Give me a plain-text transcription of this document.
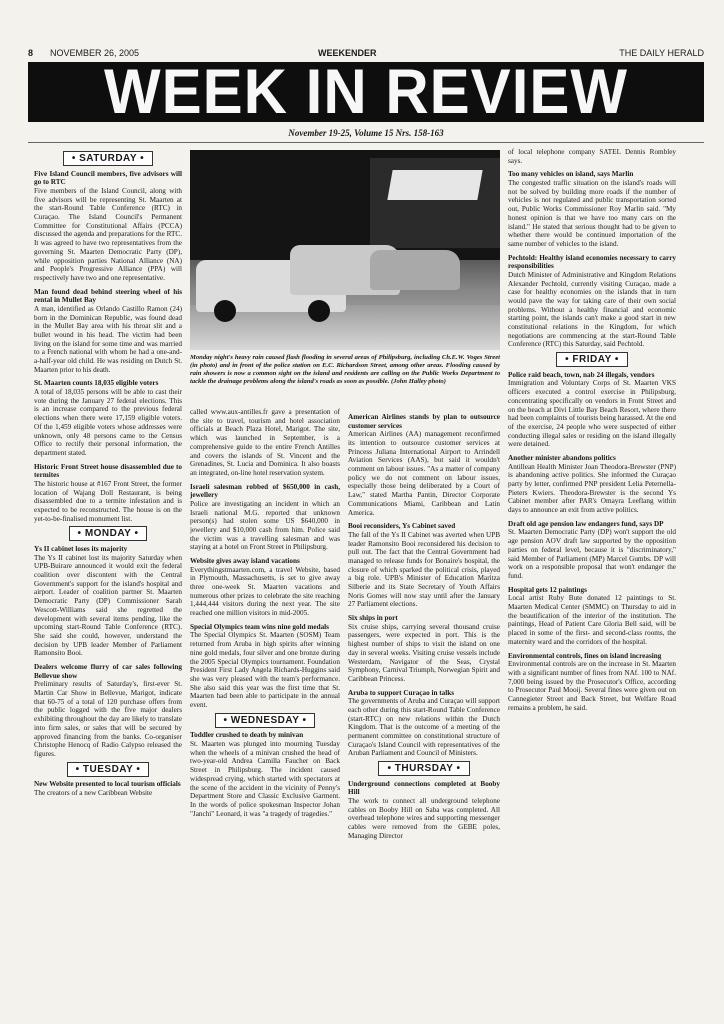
8 NOVEMBER 26, 2005	WEEKENDER	THE DAILY HERALD
WEEK IN REVIEW
November 19-25, Volume 15 Nrs. 158-163
• SATURDAY •
Five Island Council members, five advisors will go to RTC

Five members of the Island Council, along with five advisors will be representing St. Maarten at the start-Round Table Conference (RTC) in Curaçao. The Island Council's Permanent Committee for Constitutional Affairs (PCCA) discussed the agenda and preparations for the RTC. It was agreed to have two representatives from the governing St. Maarten Democratic Party (DP), while opposition parties National Alliance (NA) and People's Progressive Alliance (PPA) will respectively have two and one representative.

Man found dead behind steering wheel of his rental in Mullet Bay

A man, identified as Orlando Castillo Ramon (24) born in the Dominican Republic, was found dead in the Mullet Bay area with his throat slit and a bullet wound in his head. The victim had been living on the island for some time and was married to a French national with whom he had a one-and-a-half-year old child. He was residing on Dutch St. Maarten prior to his death.

St. Maarten counts 18,035 eligible voters

A total of 18,035 persons will be able to cast their vote during the January 27 federal elections. This is an increase compared to the previous federal elections when there were 17,159 eligible voters. Of the 1,459 eligible voters whose addresses were unknown, only 48 persons came to the Census Office to rectify their personal information, the department stated.

Historic Front Street house disassembled due to termites

The historic house at #167 Front Street, the former location of Wajang Doll Restaurant, is being disassembled due to a termite infestation and is expected to be reconstructed. The house is on the yet-to-be-finalised monument list.

• MONDAY •
Ys II cabinet loses its majority

The Ys II cabinet lost its majority Saturday when UPB-Buirare announced it would exit the federal coalition over discontent with the Central Government's support for the island's hospital and airport. Leader of coalition partner St. Maarten Democratic Party (DP) Commissioner Sarah Wescott-Williams said she regretted the development with several items pending, like the upcoming start-Round Table Conference (RTC). She said she could, however, understand the decision by UPB leader Member of Parliament Ramonsito Booi.

Dealers welcome flurry of car sales following Bellevue show

Preliminary results of Saturday's, first-ever St. Martin Car Show in Bellevue, Marigot, indicate that 60-75 of a total of 120 purchase offers from the public logged with the five major dealers exhibiting throughout the day are likely to translate into firm sales, or sales that will be secured by approved financing from the banks. Co-organiser Christophe Henocq of Radio Calypso released the figures.

• TUESDAY •
New Website presented to local tourism officials

The creators of a new Caribbean Website

Monday night's heavy rain caused flash flooding in several areas of Philipsburg, including Ch.E.W. Voges Street (in photo) and in front of the police station on E.C. Richardson Street, among other areas. Flooding caused by rain showers is now a common sight on the island and residents are calling on the Public Works Department to tackle the drainage problems along the island's roads as soon as possible. (John Halley photo)

called www.aux-antilles.fr gave a presentation of the site to travel, tourism and hotel association officials at Beach Plaza Hotel, Marigot. The site, which was launched in September, is a comprehensive guide to the entire French Antilles and covers the islands of St. Vincent and the Grenadines, St. Lucia and Dominica. It also boasts an integrated, on-line hotel reservation system.

Israeli salesman robbed of $650,000 in cash, jewellery

Police are investigating an incident in which an Israeli national M.G. reported that unknown person(s) had stolen some US $640,000 in jewellery and $10,000 cash from him. Police said the victim was a travelling salesman and was staying at a hotel on Front Street in Philipsburg.

Website gives away island vacations

Everythingstmaarten.com, a travel Website, based in Plymouth, Massachusetts, is set to give away three one-week St. Maarten vacations and numerous other prizes to celebrate the site reaching 1,444,444 visitors during the next year. The site reached one million visitors in mid-2005.

Special Olympics team wins nine gold medals

The Special Olympics St. Maarten (SOSM) Team returned from Aruba in high spirits after winning nine gold medals, four silver and one bronze during the 2005 Special Olympics tournament. Foundation President First Lady Angela Richards-Huggins said she was very pleased with the team's performance. She also said this year was the first time that St. Maarten had been able to participate in the annual event.

• WEDNESDAY •
Toddler crushed to death by minivan

St. Maarten was plunged into mourning Tuesday when the wheels of a minivan crushed the head of two-year-old Andrea Camilla Faucher on Back Street in Philipsburg. The incident caused widespread crying, which started with spectators at the scene of the accident in the vicinity of Penny's Department Store and Classic Exclusive Garment. In the words of police spokesman Inspector Johan "Janchi" Leonard, it was "a tragedy of tragedies."

American Airlines stands by plan to outsource customer services

American Airlines (AA) management reconfirmed its intention to outsource customer services at Princess Juliana International Airport to Arrindell Aviation Services (AAS), but said it wouldn't comment on labour issues. "As a matter of company policy we do not comment on labour issues, especially those being deliberated by a Court of Law," stated Martha Pantin, Director Corporate Communications Miami, Caribbean and Latin America.

Booi reconsiders, Ys Cabinet saved

The fall of the Ys II Cabinet was averted when UPB leader Ramonsito Booi reconsidered his decision to pull out. The fact that the Central Government had managed to release funds for Bonaire's hospital, the closure of which sparked the political crisis, played a big role. UPB's Minister of Education Maritza Silberie and its State Secretary of Youth Affairs Noris Gomes will now stay until after the January 27 Parliament elections.

Six ships in port

Six cruise ships, carrying several thousand cruise passengers, were expected in port. This is the highest number of ships to visit the island on one day in several weeks. Visiting cruise vessels include Westerdam, Navigator of the Seas, Crystal Symphony, Carnival Triumph, Norwegian Spirit and Caribbean Princess.

Aruba to support Curaçao in talks

The governments of Aruba and Curaçao will support each other during this start-Round Table Conference (start-RTC) on new relations within the Dutch Kingdom. That is the outcome of a meeting of the permanent committee on constitutional structure of Curaçao's Island Council with representatives of the Aruban Parliament and Council of Ministers.

• THURSDAY •
Underground connections completed at Booby Hill

The work to connect all underground telephone cables on Booby Hill on Saba was completed. All overhead telephone wires and supporting messenger cables were removed from the GEBE poles, Managing Director

of local telephone company SATEL Dennis Rombley says.

Too many vehicles on island, says Marlin

The congested traffic situation on the island's roads will not be solved by building more roads if the number of vehicles is not regulated and public transportation sorted out, Public Works Commissioner Roy Marlin said. "My honest opinion is that we have too many cars on the island." He stated that serious thought had to be given to whether there would be continued importation of the same number of vehicles to the island.

Pechtold: Healthy island economies necessary to carry responsibilities

Dutch Minister of Administrative and Kingdom Relations Alexander Pechtold, currently visiting Curaçao, made a case for healthy economies on the islands that in turn would pave the way for taking care of their own social problems. Without a healthy financial and economic starting point, the islands can't make a good start in new constitutional relations in the Kingdom, for which negotiations are commencing at the start-Round Table Conference (RTC) this Saturday, said Pechtold.

• FRIDAY •
Police raid beach, town, nab 24 illegals, vendors

Immigration and Voluntary Corps of St. Maarten VKS officers executed a control exercise in Philipsburg, concentrating specifically on vendors in Front Street and on the beach at Divi Little Bay Beach Resort, where there had been complaints of tourists being harassed. At the end of the exercise, 24 people who were suspected of either conducting illegal sales or residing on the island illegally were detained.

Another minister abandons politics

Antillean Health Minister Joan Theodora-Brewster (PNP) is abandoning active politics. She informed the Curaçao party by letter, confirmed PNP president Lelia Peternella-Pieters Kwiers. Theodora-Brewster is the second Ys Cabinet member after PAR's Omayra Leeflang within days to announce an exit from active politics.

Draft old age pension law endangers fund, says DP

St. Maarten Democratic Party (DP) won't support the old age pension AOV draft law supported by the opposition parties on federal level, because it is "discriminatory," said Member of Parliament (MP) Marcel Gumbs. DP will work on a responsible proposal that won't endanger the fund.

Hospital gets 12 paintings

Local artist Ruby Bute donated 12 paintings to St. Maarten Medical Center (SMMC) on Thursday to aid in the beautification of the interior of the institution. The paintings, Head of Patient Care Gloria Bell said, will be placed in some of the first- and second-class rooms, the maternity ward and the corridors of the hospital.

Environmental controls, fines on island increasing

Environmental controls are on the increase in St. Maarten with a significant number of fines from NAf. 100 to NAf. 7,000 being issued by the Prosecutor's Office, according to Prosecutor Paul Mooij. Several fines were given out on Cannegieter Street and Back Street, but Welfare Road remains a problem, he said.
